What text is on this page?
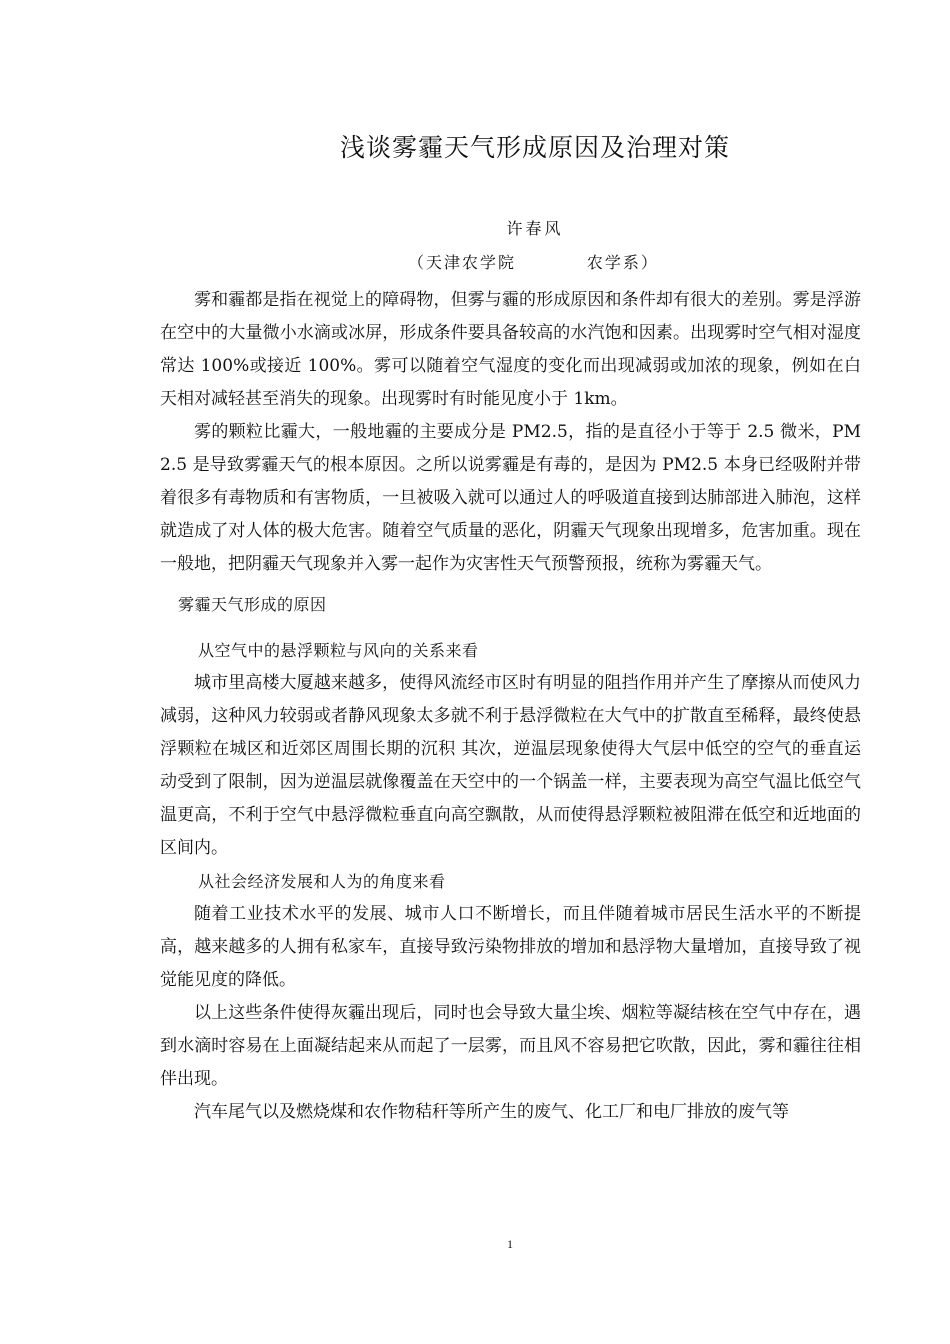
浅谈雾霾天气形成原因及治理对策
许春风
（天津农学院          农学系）

雾和霾都是指在视觉上的障碍物，但雾与霾的形成原因和条件却有很大的差别。雾是浮游在空中的大量微小水滴或冰屏，形成条件要具备较高的水汽饱和因素。出现雾时空气相对湿度常达 100%或接近 100%。雾可以随着空气湿度的变化而出现减弱或加浓的现象，例如在白天相对减轻甚至消失的现象。出现雾时有时能见度小于 1km。

雾的颗粒比霾大，一般地霾的主要成分是 PM2.5，指的是直径小于等于 2.5 微米，PM2.5 是导致雾霾天气的根本原因。之所以说雾霾是有毒的，是因为 PM2.5 本身已经吸附并带着很多有毒物质和有害物质，一旦被吸入就可以通过人的呼吸道直接到达肺部进入肺泡，这样就造成了对人体的极大危害。随着空气质量的恶化，阴霾天气现象出现增多，危害加重。现在一般地，把阴霾天气现象并入雾一起作为灾害性天气预警预报，统称为雾霾天气。

雾霾天气形成的原因
从空气中的悬浮颗粒与风向的关系来看

城市里高楼大厦越来越多，使得风流经市区时有明显的阻挡作用并产生了摩擦从而使风力减弱，这种风力较弱或者静风现象太多就不利于悬浮微粒在大气中的扩散直至稀释，最终使悬浮颗粒在城区和近郊区周围长期的沉积 其次，逆温层现象使得大气层中低空的空气的垂直运动受到了限制，因为逆温层就像覆盖在天空中的一个锅盖一样，主要表现为高空气温比低空气温更高，不利于空气中悬浮微粒垂直向高空飘散，从而使得悬浮颗粒被阻滞在低空和近地面的区间内。

从社会经济发展和人为的角度来看

随着工业技术水平的发展、城市人口不断增长，而且伴随着城市居民生活水平的不断提高，越来越多的人拥有私家车，直接导致污染物排放的增加和悬浮物大量增加，直接导致了视觉能见度的降低。

以上这些条件使得灰霾出现后，同时也会导致大量尘埃、烟粒等凝结核在空气中存在，遇到水滴时容易在上面凝结起来从而起了一层雾，而且风不容易把它吹散，因此，雾和霾往往相伴出现。

汽车尾气以及燃烧煤和农作物秸秆等所产生的废气、化工厂和电厂排放的废气等

1
